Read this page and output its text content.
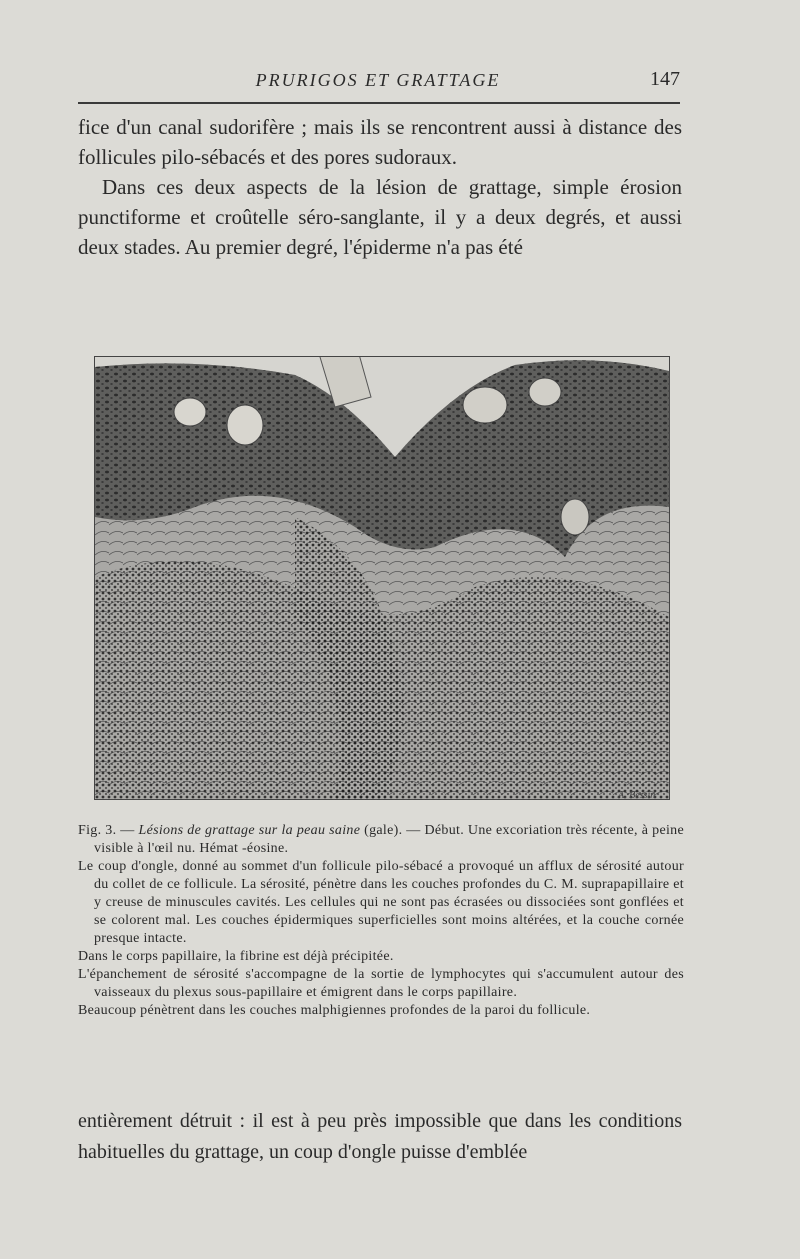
PRURIGOS ET GRATTAGE	147

fice d'un canal sudorifère ; mais ils se rencontrent aussi à distance des follicules pilo-sébacés et des pores sudoraux.

Dans ces deux aspects de la lésion de grattage, simple érosion punctiforme et croûtelle séro-sanglante, il y a deux degrés, et aussi deux stades. Au premier degré, l'épiderme n'a pas été

A. Bessin

Fig. 3. — Lésions de grattage sur la peau saine (gale). — Début. Une excoriation très récente, à peine visible à l'œil nu. Hémat -éosine.

Le coup d'ongle, donné au sommet d'un follicule pilo-sébacé a provoqué un afflux de sérosité autour du collet de ce follicule. La sérosité, pénètre dans les couches profondes du C. M. suprapapillaire et y creuse de minuscules cavités. Les cellules qui ne sont pas écrasées ou dissociées sont gonflées et se colorent mal. Les couches épidermiques superficielles sont moins altérées, et la couche cornée presque intacte.

Dans le corps papillaire, la fibrine est déjà précipitée.

L'épanchement de sérosité s'accompagne de la sortie de lymphocytes qui s'accumulent autour des vaisseaux du plexus sous-papillaire et émigrent dans le corps papillaire.

Beaucoup pénètrent dans les couches malphigiennes profondes de la paroi du follicule.

entièrement détruit : il est à peu près impossible que dans les conditions habituelles du grattage, un coup d'ongle puisse d'emblée
